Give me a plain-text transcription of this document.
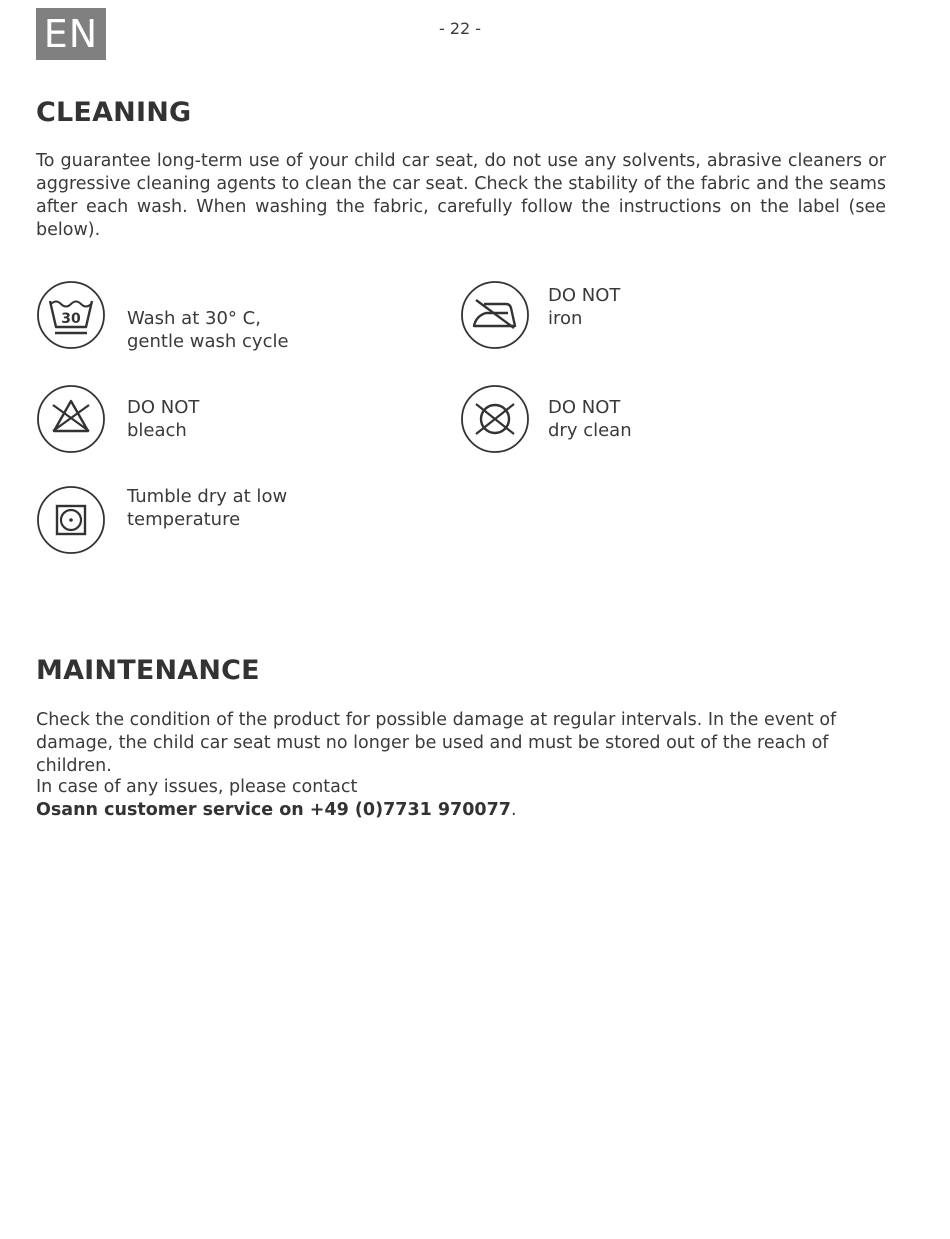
EN	- 22 -
CLEANING

To guarantee long-term use of your child car seat, do not use any solvents, abrasive cleaners or aggressive cleaning agents to clean the car seat. Check the stability of the fabric and the seams after each wash. When washing the fabric, carefully follow the instructions on the label (see below).

30	Wash at 30° C,
gentle wash cycle
DO NOT
iron
DO NOT
bleach
DO NOT
dry clean
Tumble dry at low
temperature
MAINTENANCE

Check the condition of the product for possible damage at regular intervals. In the event of damage, the child car seat must no longer be used and must be stored out of the reach of children.

In case of any issues, please contact
Osann customer service on +49 (0)7731 970077.
